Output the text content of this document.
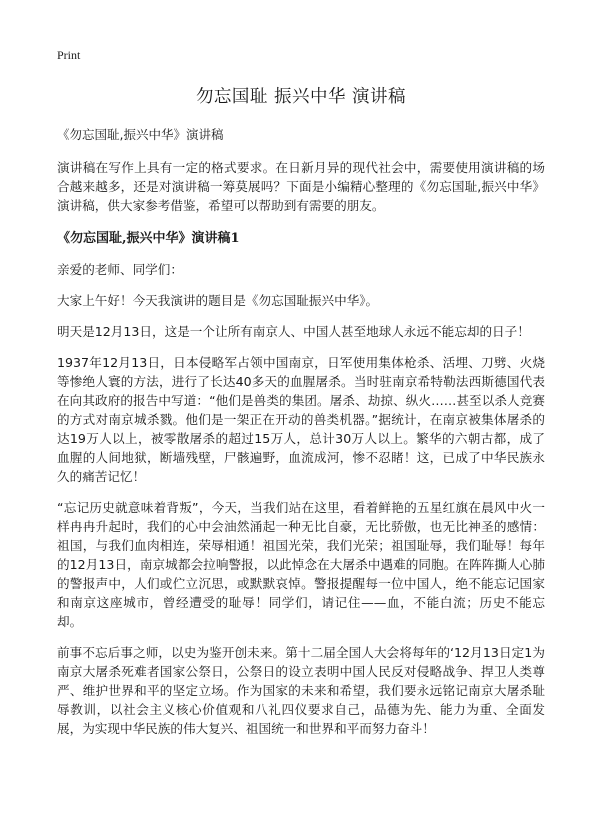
Print
勿忘国耻 振兴中华 演讲稿
《勿忘国耻,振兴中华》演讲稿

演讲稿在写作上具有一定的格式要求。在日新月异的现代社会中，需要使用演讲稿的场合越来越多，还是对演讲稿一筹莫展吗？下面是小编精心整理的《勿忘国耻,振兴中华》演讲稿，供大家参考借鉴，希望可以帮助到有需要的朋友。

《勿忘国耻,振兴中华》演讲稿1

亲爱的老师、同学们：

大家上午好！今天我演讲的题目是《勿忘国耻振兴中华》。

明天是12月13日，这是一个让所有南京人、中国人甚至地球人永远不能忘却的日子！

1937年12月13日，日本侵略军占领中国南京，日军使用集体枪杀、活埋、刀劈、火烧等惨绝人寰的方法，进行了长达40多天的血腥屠杀。当时驻南京希特勒法西斯德国代表在向其政府的报告中写道：“他们是兽类的集团。屠杀、劫掠、纵火……甚至以杀人竞赛的方式对南京城杀戮。他们是一架正在开动的兽类机器。”据统计，在南京被集体屠杀的达19万人以上，被零散屠杀的超过15万人，总计30万人以上。繁华的六朝古都，成了血腥的人间地狱，断墙残壁，尸骸遍野，血流成河，惨不忍睹！这，已成了中华民族永久的痛苦记忆！

“忘记历史就意味着背叛”，今天，当我们站在这里，看着鲜艳的五星红旗在晨风中火一样冉冉升起时，我们的心中会油然涌起一种无比自豪，无比骄傲，也无比神圣的感情：祖国，与我们血肉相连，荣辱相通！祖国光荣，我们光荣；祖国耻辱，我们耻辱！每年的12月13日，南京城都会拉响警报，以此悼念在大屠杀中遇难的同胞。在阵阵撕人心肺的警报声中，人们或伫立沉思，或默默哀悼。警报提醒每一位中国人，绝不能忘记国家和南京这座城市，曾经遭受的耻辱！同学们，请记住——血，不能白流；历史不能忘却。

前事不忘后事之师，以史为鉴开创未来。第十二届全国人大会将每年的‘12月13日定1为南京大屠杀死难者国家公祭日，公祭日的设立表明中国人民反对侵略战争、捍卫人类尊严、维护世界和平的坚定立场。作为国家的未来和希望，我们要永远铭记南京大屠杀耻辱教训，以社会主义核心价值观和八礼四仪要求自己，品德为先、能力为重、全面发展，为实现中华民族的伟大复兴、祖国统一和世界和平而努力奋斗！
